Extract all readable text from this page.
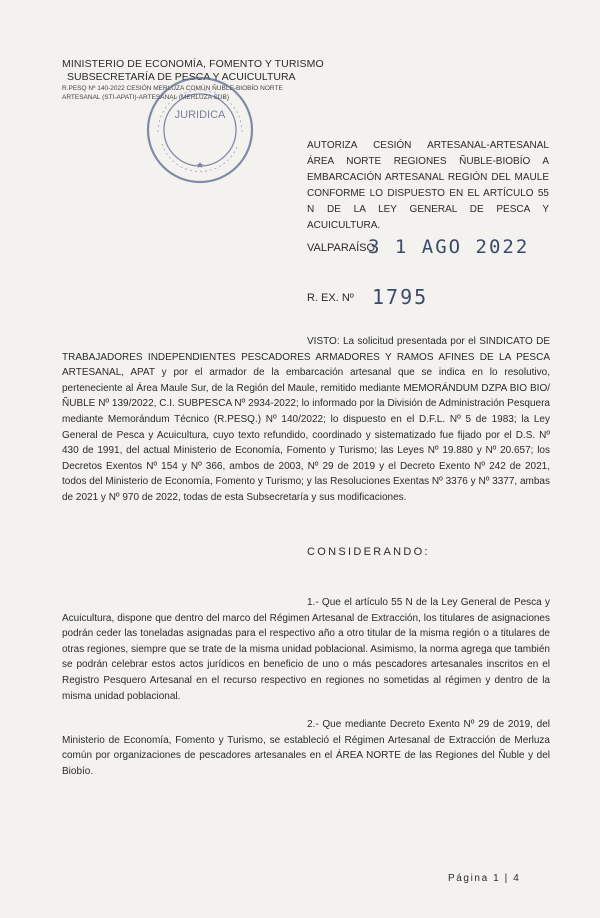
MINISTERIO DE ECONOMÍA, FOMENTO Y TURISMO
SUBSECRETARÍA DE PESCA Y ACUICULTURA
R.PESQ Nº 140-2022 CESIÓN MERLUZA COMÚN ÑUBLE-BIOBÍO NORTE
ARTESANAL (STI-APATI)-ARTESANAL (MERLUZA SUB)
JURIDICA
★
AUTORIZA CESIÓN ARTESANAL-ARTESANAL ÁREA NORTE REGIONES ÑUBLE-BIOBÍO A EMBARCACIÓN ARTESANAL REGIÓN DEL MAULE CONFORME LO DISPUESTO EN EL ARTÍCULO 55 N DE LA LEY GENERAL DE PESCA Y ACUICULTURA.
VALPARAÍSO,
3 1 AGO 2022
R. EX. Nº 1795
VISTO: La solicitud presentada por el SINDICATO DE TRABAJADORES INDEPENDIENTES PESCADORES ARMADORES Y RAMOS AFINES DE LA PESCA ARTESANAL, APAT y por el armador de la embarcación artesanal que se indica en lo resolutivo, perteneciente al Área Maule Sur, de la Región del Maule, remitido mediante MEMORÁNDUM DZPA BIO BIO/ÑUBLE Nº 139/2022, C.I. SUBPESCA Nº 2934-2022; lo informado por la División de Administración Pesquera mediante Memorándum Técnico (R.PESQ.) Nº 140/2022; lo dispuesto en el D.F.L. Nº 5 de 1983; la Ley General de Pesca y Acuicultura, cuyo texto refundido, coordinado y sistematizado fue fijado por el D.S. Nº 430 de 1991, del actual Ministerio de Economía, Fomento y Turismo; las Leyes Nº 19.880 y Nº 20.657; los Decretos Exentos Nº 154 y Nº 366, ambos de 2003, Nº 29 de 2019 y el Decreto Exento Nº 242 de 2021, todos del Ministerio de Economía, Fomento y Turismo; y las Resoluciones Exentas Nº 3376 y Nº 3377, ambas de 2021 y Nº 970 de 2022, todas de esta Subsecretaría y sus modificaciones.
CONSIDERANDO:
1.- Que el artículo 55 N de la Ley General de Pesca y Acuicultura, dispone que dentro del marco del Régimen Artesanal de Extracción, los titulares de asignaciones podrán ceder las toneladas asignadas para el respectivo año a otro titular de la misma región o a titulares de otras regiones, siempre que se trate de la misma unidad poblacional. Asimismo, la norma agrega que también se podrán celebrar estos actos jurídicos en beneficio de uno o más pescadores artesanales inscritos en el Registro Pesquero Artesanal en el recurso respectivo en regiones no sometidas al régimen y dentro de la misma unidad poblacional.
2.- Que mediante Decreto Exento Nº 29 de 2019, del Ministerio de Economía, Fomento y Turismo, se estableció el Régimen Artesanal de Extracción de Merluza común por organizaciones de pescadores artesanales en el ÁREA NORTE de las Regiones del Ñuble y del Biobío.
Página 1 | 4
